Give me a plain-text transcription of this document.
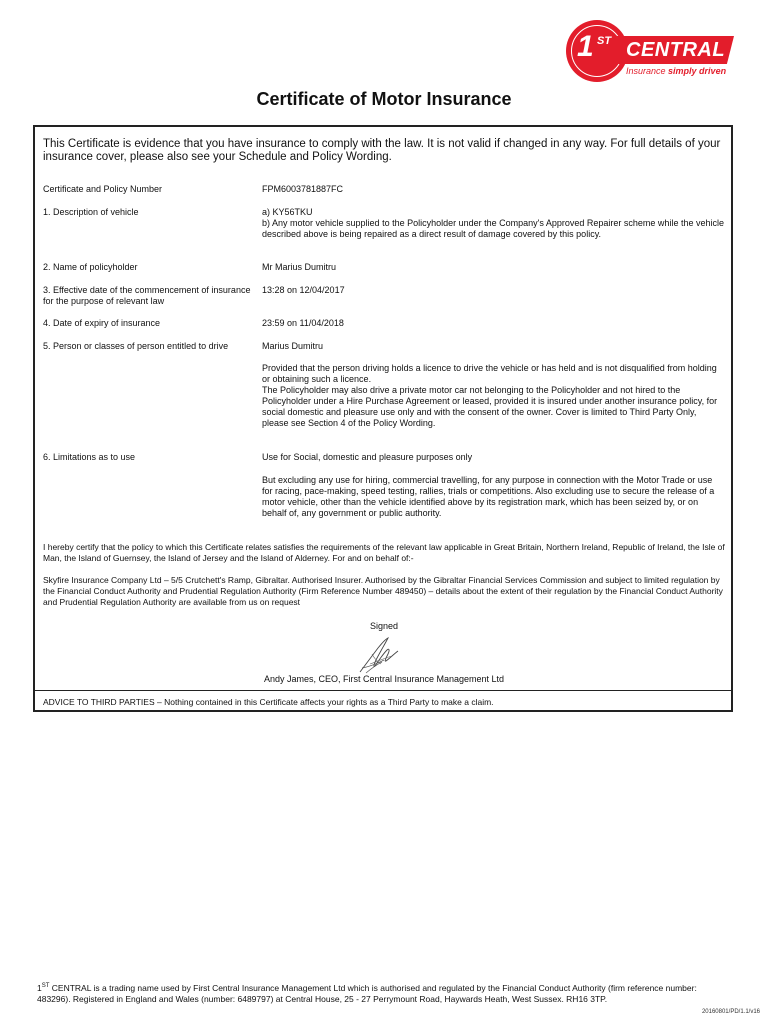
1 ST CENTRAL
Insurance simply driven
Certificate of Motor Insurance

This Certificate is evidence that you have insurance to comply with the law. It is not valid if changed in any way. For full details of your insurance cover, please also see your Schedule and Policy Wording.

Certificate and Policy Number	FPM6003781887FC
1. Description of vehicle	a) KY56TKU
b) Any motor vehicle supplied to the Policyholder under the Company's Approved Repairer scheme while the vehicle described above is being repaired as a direct result of damage covered by this policy.
2. Name of policyholder	Mr Marius Dumitru
3. Effective date of the commencement of insurance for the purpose of relevant law
13:28 on 12/04/2017
4. Date of expiry of insurance	23:59 on 11/04/2018
5. Person or classes of person entitled to drive	Marius Dumitru
Provided that the person driving holds a licence to drive the vehicle or has held and is not disqualified from holding or obtaining such a licence.
The Policyholder may also drive a private motor car not belonging to the Policyholder and not hired to the Policyholder under a Hire Purchase Agreement or leased, provided it is insured under another insurance policy, for social domestic and pleasure use only and with the consent of the owner. Cover is limited to Third Party Only, please see Section 4 of the Policy Wording.
6. Limitations as to use	Use for Social, domestic and pleasure purposes only
But excluding any use for hiring, commercial travelling, for any purpose in connection with the Motor Trade or use for racing, pace-making, speed testing, rallies, trials or competitions. Also excluding use to secure the release of a motor vehicle, other than the vehicle identified above by its registration mark, which has been seized by, or on behalf of, any government or public authority.

I hereby certify that the policy to which this Certificate relates satisfies the requirements of the relevant law applicable in Great Britain, Northern Ireland, Republic of Ireland, the Isle of Man, the Island of Guernsey, the Island of Jersey and the Island of Alderney. For and on behalf of:-

Skyfire Insurance Company Ltd – 5/5 Crutchett's Ramp, Gibraltar. Authorised Insurer. Authorised by the Gibraltar Financial Services Commission and subject to limited regulation by the Financial Conduct Authority and Prudential Regulation Authority (Firm Reference Number 489450) – details about the extent of their regulation by the Financial Conduct Authority and Prudential Regulation Authority are available from us on request

Signed
Andy James, CEO, First Central Insurance Management Ltd

ADVICE TO THIRD PARTIES – Nothing contained in this Certificate affects your rights as a Third Party to make a claim.

1ST CENTRAL is a trading name used by First Central Insurance Management Ltd which is authorised and regulated by the Financial Conduct Authority (firm reference number: 483296). Registered in England and Wales (number: 6489797) at Central House, 25 - 27 Perrymount Road, Haywards Heath, West Sussex. RH16 3TP.

20160801/PD/1.1/v16
